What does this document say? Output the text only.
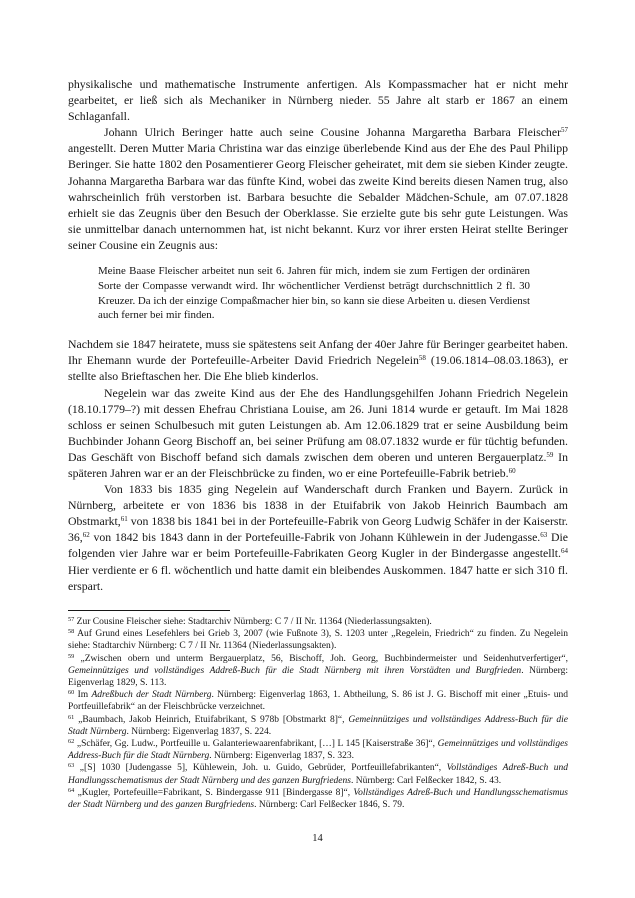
physikalische und mathematische Instrumente anfertigen. Als Kompassmacher hat er nicht mehr gearbeitet, er ließ sich als Mechaniker in Nürnberg nieder. 55 Jahre alt starb er 1867 an einem Schlaganfall.

Johann Ulrich Beringer hatte auch seine Cousine Johanna Margaretha Barbara Fleischer$^{57}$ angestellt. Deren Mutter Maria Christina war das einzige überlebende Kind aus der Ehe des Paul Philipp Beringer. Sie hatte 1802 den Posamentierer Georg Fleischer geheiratet, mit dem sie sieben Kinder zeugte. Johanna Margaretha Barbara war das fünfte Kind, wobei das zweite Kind bereits diesen Namen trug, also wahrscheinlich früh verstorben ist. Barbara besuchte die Sebalder Mädchen-Schule, am 07.07.1828 erhielt sie das Zeugnis über den Besuch der Oberklasse. Sie erzielte gute bis sehr gute Leistungen. Was sie unmittelbar danach unternommen hat, ist nicht bekannt. Kurz vor ihrer ersten Heirat stellte Beringer seiner Cousine ein Zeugnis aus:

Meine Baase Fleischer arbeitet nun seit 6. Jahren für mich, indem sie zum Fertigen der ordinären Sorte der Compasse verwandt wird. Ihr wöchentlicher Verdienst beträgt durchschnittlich 2 fl. 30 Kreuzer. Da ich der einzige Compaßmacher hier bin, so kann sie diese Arbeiten u. diesen Verdienst auch ferner bei mir finden.

Nachdem sie 1847 heiratete, muss sie spätestens seit Anfang der 40er Jahre für Beringer gearbeitet haben. Ihr Ehemann wurde der Portefeuille-Arbeiter David Friedrich Negelein$^{58}$ (19.06.1814–08.03.1863), er stellte also Brieftaschen her. Die Ehe blieb kinderlos.

Negelein war das zweite Kind aus der Ehe des Handlungsgehilfen Johann Friedrich Negelein (18.10.1779–?) mit dessen Ehefrau Christiana Louise, am 26. Juni 1814 wurde er getauft. Im Mai 1828 schloss er seinen Schulbesuch mit guten Leistungen ab. Am 12.06.1829 trat er seine Ausbildung beim Buchbinder Johann Georg Bischoff an, bei seiner Prüfung am 08.07.1832 wurde er für tüchtig befunden. Das Geschäft von Bischoff befand sich damals zwischen dem oberen und unteren Bergauerplatz.$^{59}$ In späteren Jahren war er an der Fleischbrücke zu finden, wo er eine Portefeuille-Fabrik betrieb.$^{60}$

Von 1833 bis 1835 ging Negelein auf Wanderschaft durch Franken und Bayern. Zurück in Nürnberg, arbeitete er von 1836 bis 1838 in der Etuifabrik von Jakob Heinrich Baumbach am Obstmarkt,$^{61}$ von 1838 bis 1841 bei in der Portefeuille-Fabrik von Georg Ludwig Schäfer in der Kaiserstr. 36,62 von 1842 bis 1843 dann in der Portefeuille-Fabrik von Johann Kühlewein in der Judengasse.$^{63}$ Die folgenden vier Jahre war er beim Portefeuille-Fabrikaten Georg Kugler in der Bindergasse angestellt.$^{64}$ Hier verdiente er 6 fl. wöchentlich und hatte damit ein bleibendes Auskommen. 1847 hatte er sich 310 fl. erspart.

$^{57}$ Zur Cousine Fleischer siehe: Stadtarchiv Nürnberg: C 7 / II Nr. 11364 (Niederlassungsakten).

$^{58}$ Auf Grund eines Lesefehlers bei Grieb 3, 2007 (wie Fußnote 3), S. 1203 unter „Regelein, Friedrich“ zu finden. Zu Negelein siehe: Stadtarchiv Nürnberg: C 7 / II Nr. 11364 (Niederlassungsakten).

$^{59}$ „Zwischen obern und unterm Bergauerplatz, 56, Bischoff, Joh. Georg, Buchbindermeister und Seidenhutverfertiger“, Gemeinnütziges und vollständiges Addreß-Buch für die Stadt Nürnberg mit ihren Vorstädten und Burgfrieden. Nürnberg: Eigenverlag 1829, S. 113.

$^{60}$ Im Adreßbuch der Stadt Nürnberg. Nürnberg: Eigenverlag 1863, 1. Abtheilung, S. 86 ist J. G. Bischoff mit einer „Etuis- und Portfeuillefabrik“ an der Fleischbrücke verzeichnet.

$^{61}$ „Baumbach, Jakob Heinrich, Etuifabrikant, S 978b [Obstmarkt 8]“, Gemeinnütziges und vollständiges Address-Buch für die Stadt Nürnberg. Nürnberg: Eigenverlag 1837, S. 224.

$^{62}$ „Schäfer, Gg. Ludw., Portfeuille u. Galanteriewaarenfabrikant, […] L 145 [Kaiserstraße 36]“, Gemeinnütziges und vollständiges Address-Buch für die Stadt Nürnberg. Nürnberg: Eigenverlag 1837, S. 323.

$^{63}$ „[S] 1030 [Judengasse 5], Kühlewein, Joh. u. Guido, Gebrüder, Portfeuillefabrikanten“, Vollständiges Adreß-Buch und Handlungsschematismus der Stadt Nürnberg und des ganzen Burgfriedens. Nürnberg: Carl Felßecker 1842, S. 43.

$^{64}$ „Kugler, Portefeuille=Fabrikant, S. Bindergasse 911 [Bindergasse 8]“, Vollständiges Adreß-Buch und Handlungsschematismus der Stadt Nürnberg und des ganzen Burgfriedens. Nürnberg: Carl Felßecker 1846, S. 79.

14
